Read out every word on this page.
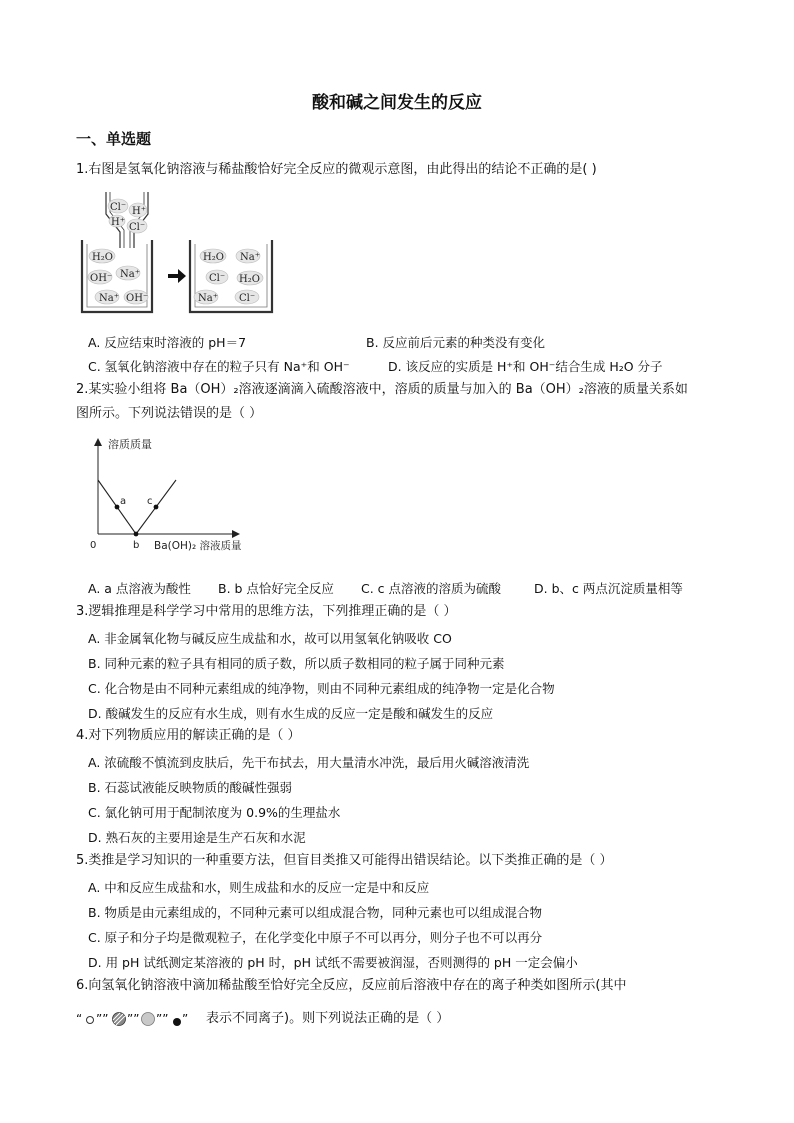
酸和碱之间发生的反应
一、单选题
1.右图是氢氧化钠溶液与稀盐酸恰好完全反应的微观示意图，由此得出的结论不正确的是( )
Cl⁻ H⁺
H⁺ Cl⁻
H₂O
OH⁻ Na⁺
Na⁺ OH⁻
H₂O Na⁺
Cl⁻ H₂O
Na⁺ Cl⁻
A. 反应结束时溶液的 pH＝7	B. 反应前后元素的种类没有变化
C. 氢氧化钠溶液中存在的粒子只有 Na⁺和 OH⁻	D. 该反应的实质是 H⁺和 OH⁻结合生成 H₂O 分子
2.某实验小组将 Ba（OH）₂溶液逐滴滴入硫酸溶液中，溶质的质量与加入的 Ba（OH）₂溶液的质量关系如
图所示。下列说法错误的是（ ）
a
b
c
0
溶质质量
Ba(OH)₂ 溶液质量
A. a 点溶液为酸性 B. b 点恰好完全反应 C. c 点溶液的溶质为硫酸	D. b、c 两点沉淀质量相等
3.逻辑推理是科学学习中常用的思维方法，下列推理正确的是（ ）
A. 非金属氧化物与碱反应生成盐和水，故可以用氢氧化钠吸收 CO
B. 同种元素的粒子具有相同的质子数，所以质子数相同的粒子属于同种元素
C. 化合物是由不同种元素组成的纯净物，则由不同种元素组成的纯净物一定是化合物
D. 酸碱发生的反应有水生成，则有水生成的反应一定是酸和碱发生的反应
4.对下列物质应用的解读正确的是（ ）
A. 浓硫酸不慎流到皮肤后，先干布拭去，用大量清水冲洗，最后用火碱溶液清洗
B. 石蕊试液能反映物质的酸碱性强弱
C. 氯化钠可用于配制浓度为 0.9%的生理盐水
D. 熟石灰的主要用途是生产石灰和水泥
5.类推是学习知识的一种重要方法，但盲目类推又可能得出错误结论。以下类推正确的是（ ）
A. 中和反应生成盐和水，则生成盐和水的反应一定是中和反应
B. 物质是由元素组成的，不同种元素可以组成混合物，同种元素也可以组成混合物
C. 原子和分子均是微观粒子，在化学变化中原子不可以再分，则分子也不可以再分
D. 用 pH 试纸测定某溶液的 pH 时，pH 试纸不需要被润湿，否则测得的 pH 一定会偏小
6.向氢氧化钠溶液中滴加稀盐酸至恰好完全反应，反应前后溶液中存在的离子种类如图所示(其中
“ ”” ”” ”” ” 表示不同离子)。则下列说法正确的是（ ）
